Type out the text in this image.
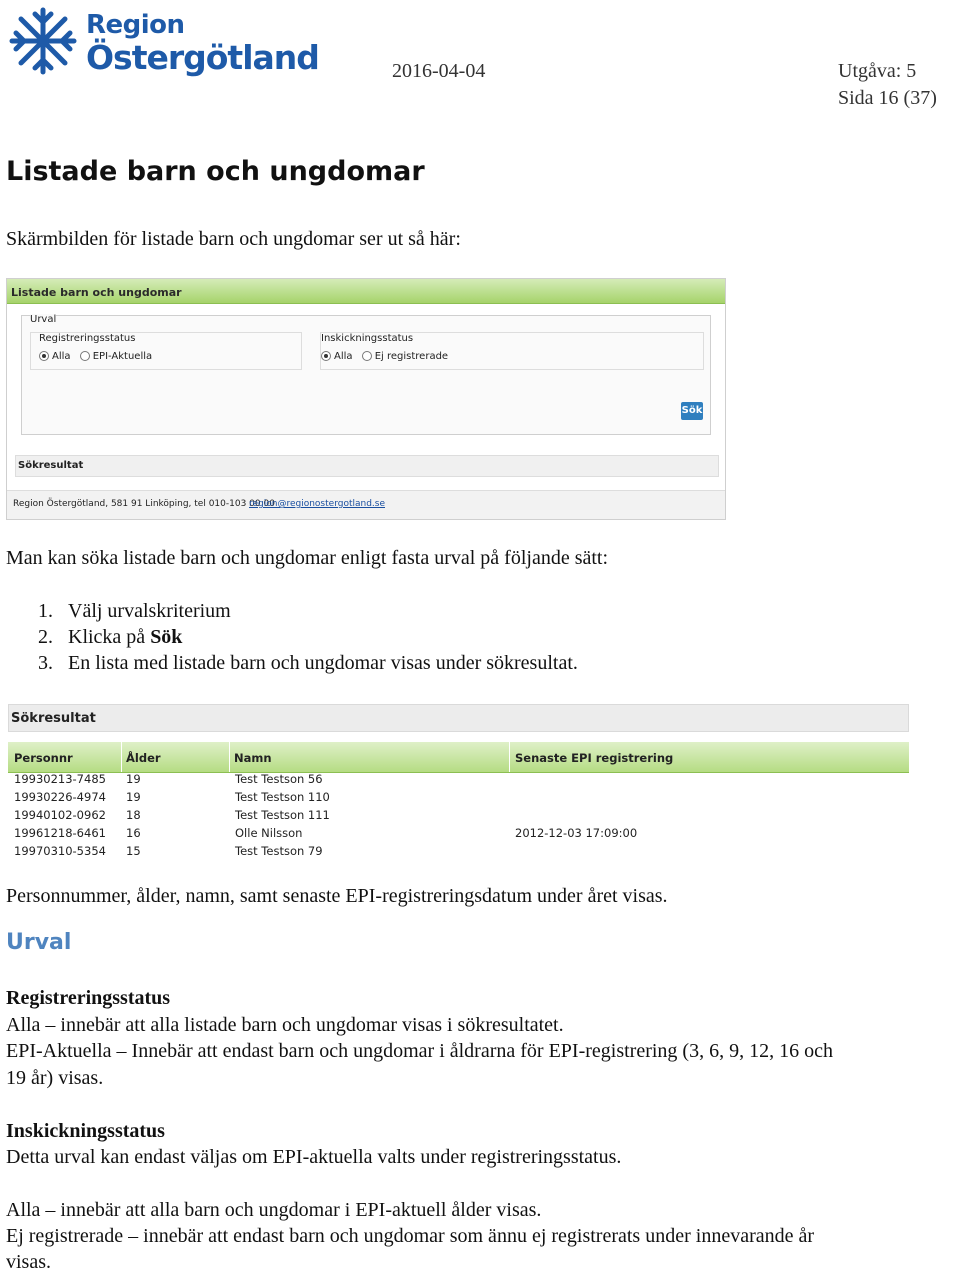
Region
Östergötland	2016-04-04	Utgåva: 5
Sida 16 (37)
Listade barn och ungdomar
Skärmbilden för listade barn och ungdomar ser ut så här:
Listade barn och ungdomar
Urval
Registreringsstatus
Alla EPI-Aktuella
Inskickningsstatus
Alla Ej registrerade
Sök
Sökresultat
Region Östergötland, 581 91 Linköping, tel 010-103 00 00
region@regionostergotland.se
Man kan söka listade barn och ungdomar enligt fasta urval på följande sätt:
1. Välj urvalskriterium
2. Klicka på Sök
3. En lista med listade barn och ungdomar visas under sökresultat.
Sökresultat
Personnr	Ålder	Namn	Senaste EPI registrering
19930213-7485 19	Test Testson 56
19930226-4974 19	Test Testson 110
19940102-0962 18	Test Testson 111
19961218-6461 16	Olle Nilsson	2012-12-03 17:09:00
19970310-5354 15	Test Testson 79
Personnummer, ålder, namn, samt senaste EPI-registreringsdatum under året visas.
Urval
Registreringsstatus
Alla – innebär att alla listade barn och ungdomar visas i sökresultatet.
EPI-Aktuella – Innebär att endast barn och ungdomar i åldrarna för EPI-registrering (3, 6, 9, 12, 16 och
19 år) visas.
Inskickningsstatus
Detta urval kan endast väljas om EPI-aktuella valts under registreringsstatus.
Alla – innebär att alla barn och ungdomar i EPI-aktuell ålder visas.
Ej registrerade – innebär att endast barn och ungdomar som ännu ej registrerats under innevarande år
visas.
